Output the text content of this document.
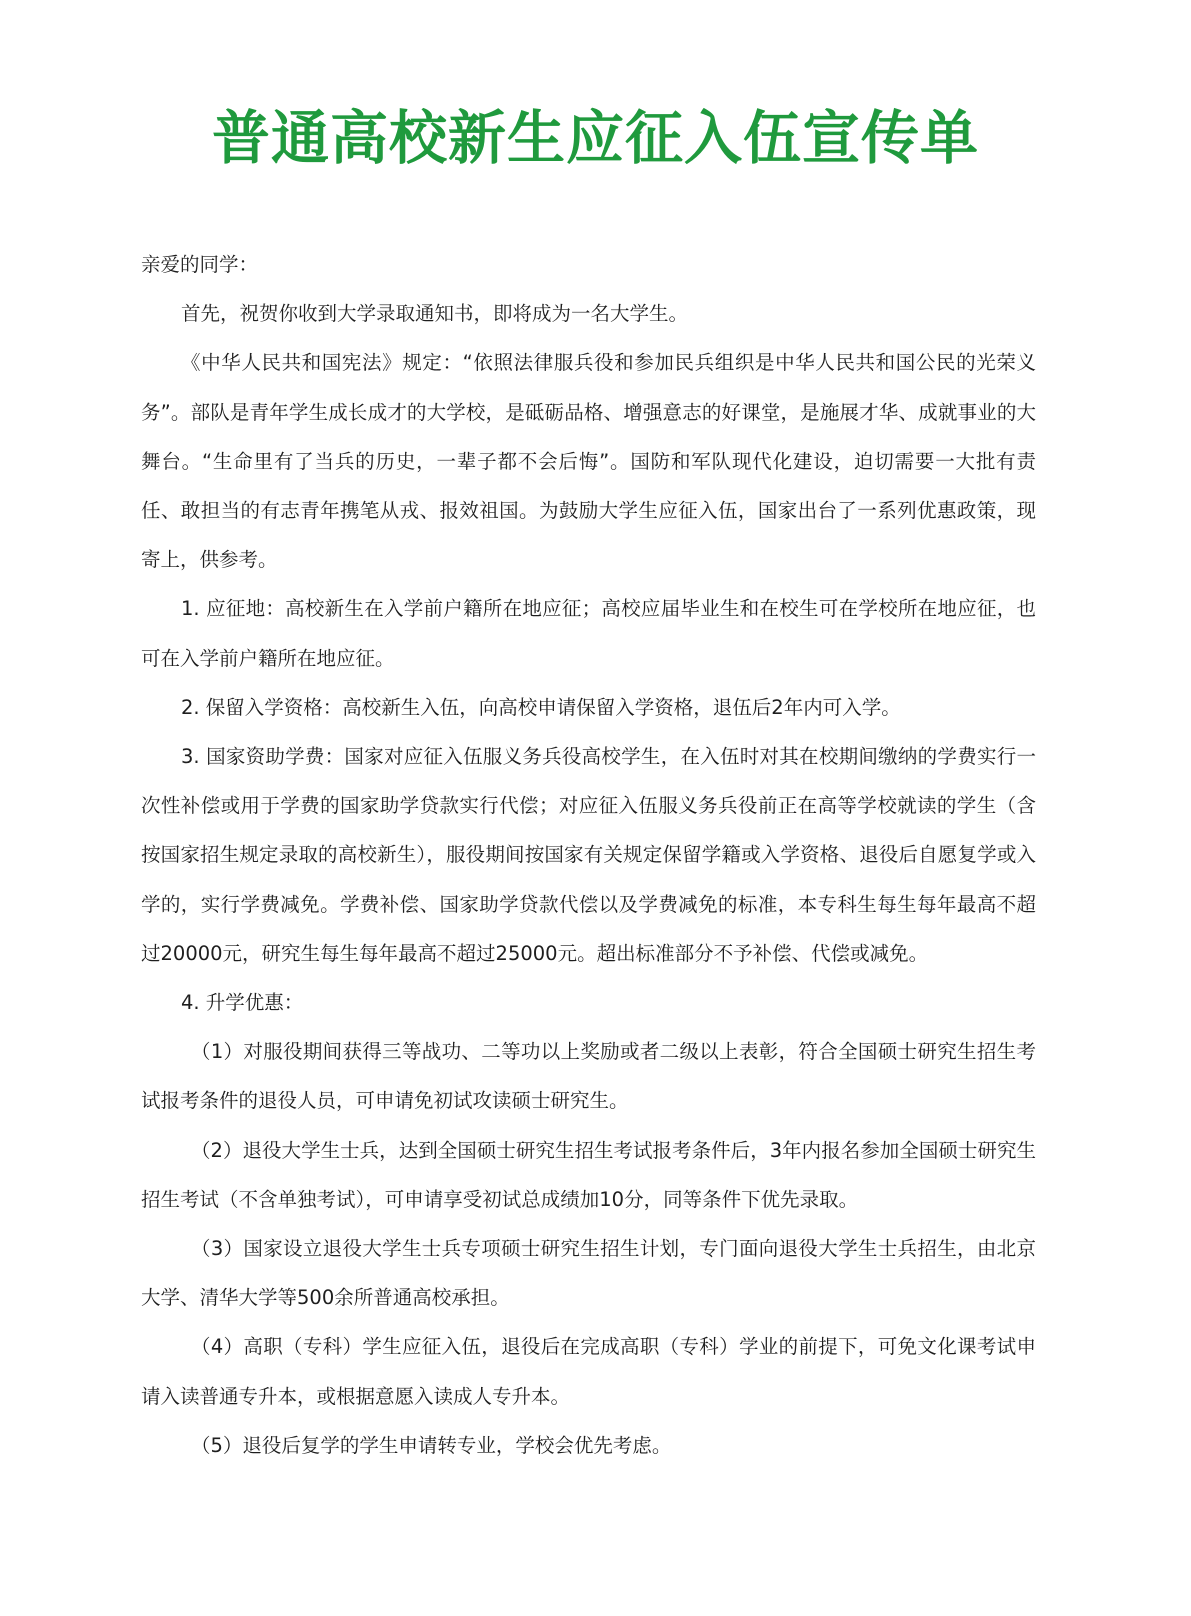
普通高校新生应征入伍宣传单

亲爱的同学：

首先，祝贺你收到大学录取通知书，即将成为一名大学生。

《中华人民共和国宪法》规定：“依照法律服兵役和参加民兵组织是中华人民共和国公民的光荣义务”。部队是青年学生成长成才的大学校，是砥砺品格、增强意志的好课堂，是施展才华、成就事业的大舞台。“生命里有了当兵的历史，一辈子都不会后悔”。国防和军队现代化建设，迫切需要一大批有责任、敢担当的有志青年携笔从戎、报效祖国。为鼓励大学生应征入伍，国家出台了一系列优惠政策，现寄上，供参考。

1. 应征地：高校新生在入学前户籍所在地应征；高校应届毕业生和在校生可在学校所在地应征，也可在入学前户籍所在地应征。

2. 保留入学资格：高校新生入伍，向高校申请保留入学资格，退伍后2年内可入学。

3. 国家资助学费：国家对应征入伍服义务兵役高校学生，在入伍时对其在校期间缴纳的学费实行一次性补偿或用于学费的国家助学贷款实行代偿；对应征入伍服义务兵役前正在高等学校就读的学生（含按国家招生规定录取的高校新生），服役期间按国家有关规定保留学籍或入学资格、退役后自愿复学或入学的，实行学费减免。学费补偿、国家助学贷款代偿以及学费减免的标准，本专科生每生每年最高不超过20000元，研究生每生每年最高不超过25000元。超出标准部分不予补偿、代偿或减免。

4. 升学优惠：

（1）对服役期间获得三等战功、二等功以上奖励或者二级以上表彰，符合全国硕士研究生招生考试报考条件的退役人员，可申请免初试攻读硕士研究生。

（2）退役大学生士兵，达到全国硕士研究生招生考试报考条件后，3年内报名参加全国硕士研究生招生考试（不含单独考试），可申请享受初试总成绩加10分，同等条件下优先录取。

（3）国家设立退役大学生士兵专项硕士研究生招生计划，专门面向退役大学生士兵招生，由北京大学、清华大学等500余所普通高校承担。

（4）高职（专科）学生应征入伍，退役后在完成高职（专科）学业的前提下，可免文化课考试申请入读普通专升本，或根据意愿入读成人专升本。

（5）退役后复学的学生申请转专业，学校会优先考虑。
